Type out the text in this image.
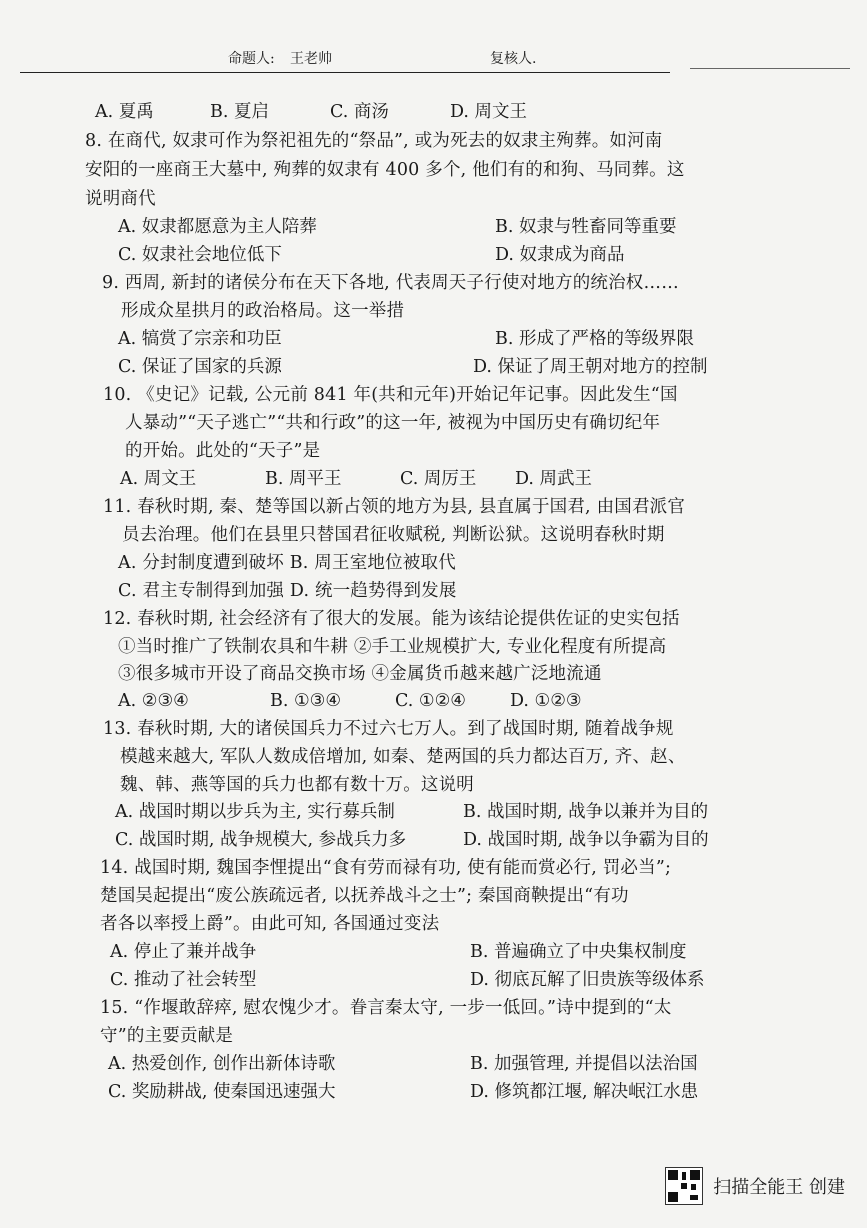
命题人: 王老帅	复核人.
A. 夏禹	B. 夏启	C. 商汤	D. 周文王
8. 在商代, 奴隶可作为祭祀祖先的“祭品”, 或为死去的奴隶主殉葬。如河南
安阳的一座商王大墓中, 殉葬的奴隶有 400 多个, 他们有的和狗、马同葬。这
说明商代
A. 奴隶都愿意为主人陪葬	B. 奴隶与牲畜同等重要
C. 奴隶社会地位低下	D. 奴隶成为商品
9. 西周, 新封的诸侯分布在天下各地, 代表周天子行使对地方的统治权……
形成众星拱月的政治格局。这一举措
A. 犒赏了宗亲和功臣	B. 形成了严格的等级界限
C. 保证了国家的兵源	D. 保证了周王朝对地方的控制
10. 《史记》记载, 公元前 841 年(共和元年)开始记年记事。因此发生“国
人暴动”“天子逃亡”“共和行政”的这一年, 被视为中国历史有确切纪年
的开始。此处的“天子”是
A. 周文王	B. 周平王	C. 周厉王 D. 周武王
11. 春秋时期, 秦、楚等国以新占领的地方为县, 县直属于国君, 由国君派官
员去治理。他们在县里只替国君征收赋税, 判断讼狱。这说明春秋时期
A. 分封制度遭到破坏 B. 周王室地位被取代
C. 君主专制得到加强 D. 统一趋势得到发展
12. 春秋时期, 社会经济有了很大的发展。能为该结论提供佐证的史实包括
①当时推广了铁制农具和牛耕 ②手工业规模扩大, 专业化程度有所提高
③很多城市开设了商品交换市场 ④金属货币越来越广泛地流通
A. ②③④	B. ①③④	C. ①②④	D. ①②③
13. 春秋时期, 大的诸侯国兵力不过六七万人。到了战国时期, 随着战争规
模越来越大, 军队人数成倍增加, 如秦、楚两国的兵力都达百万, 齐、赵、
魏、韩、燕等国的兵力也都有数十万。这说明
A. 战国时期以步兵为主, 实行募兵制	B. 战国时期, 战争以兼并为目的
C. 战国时期, 战争规模大, 参战兵力多	D. 战国时期, 战争以争霸为目的
14. 战国时期, 魏国李悝提出“食有劳而禄有功, 使有能而赏必行, 罚必当”;
楚国吴起提出“废公族疏远者, 以抚养战斗之士”; 秦国商鞅提出“有功
者各以率授上爵”。由此可知, 各国通过变法
A. 停止了兼并战争	B. 普遍确立了中央集权制度
C. 推动了社会转型	D. 彻底瓦解了旧贵族等级体系
15. “作堰敢辞瘁, 慰农愧少才。眷言秦太守, 一步一低回。”诗中提到的“太
守”的主要贡献是
A. 热爱创作, 创作出新体诗歌	B. 加强管理, 并提倡以法治国
C. 奖励耕战, 使秦国迅速强大	D. 修筑都江堰, 解决岷江水患
扫描全能王 创建
